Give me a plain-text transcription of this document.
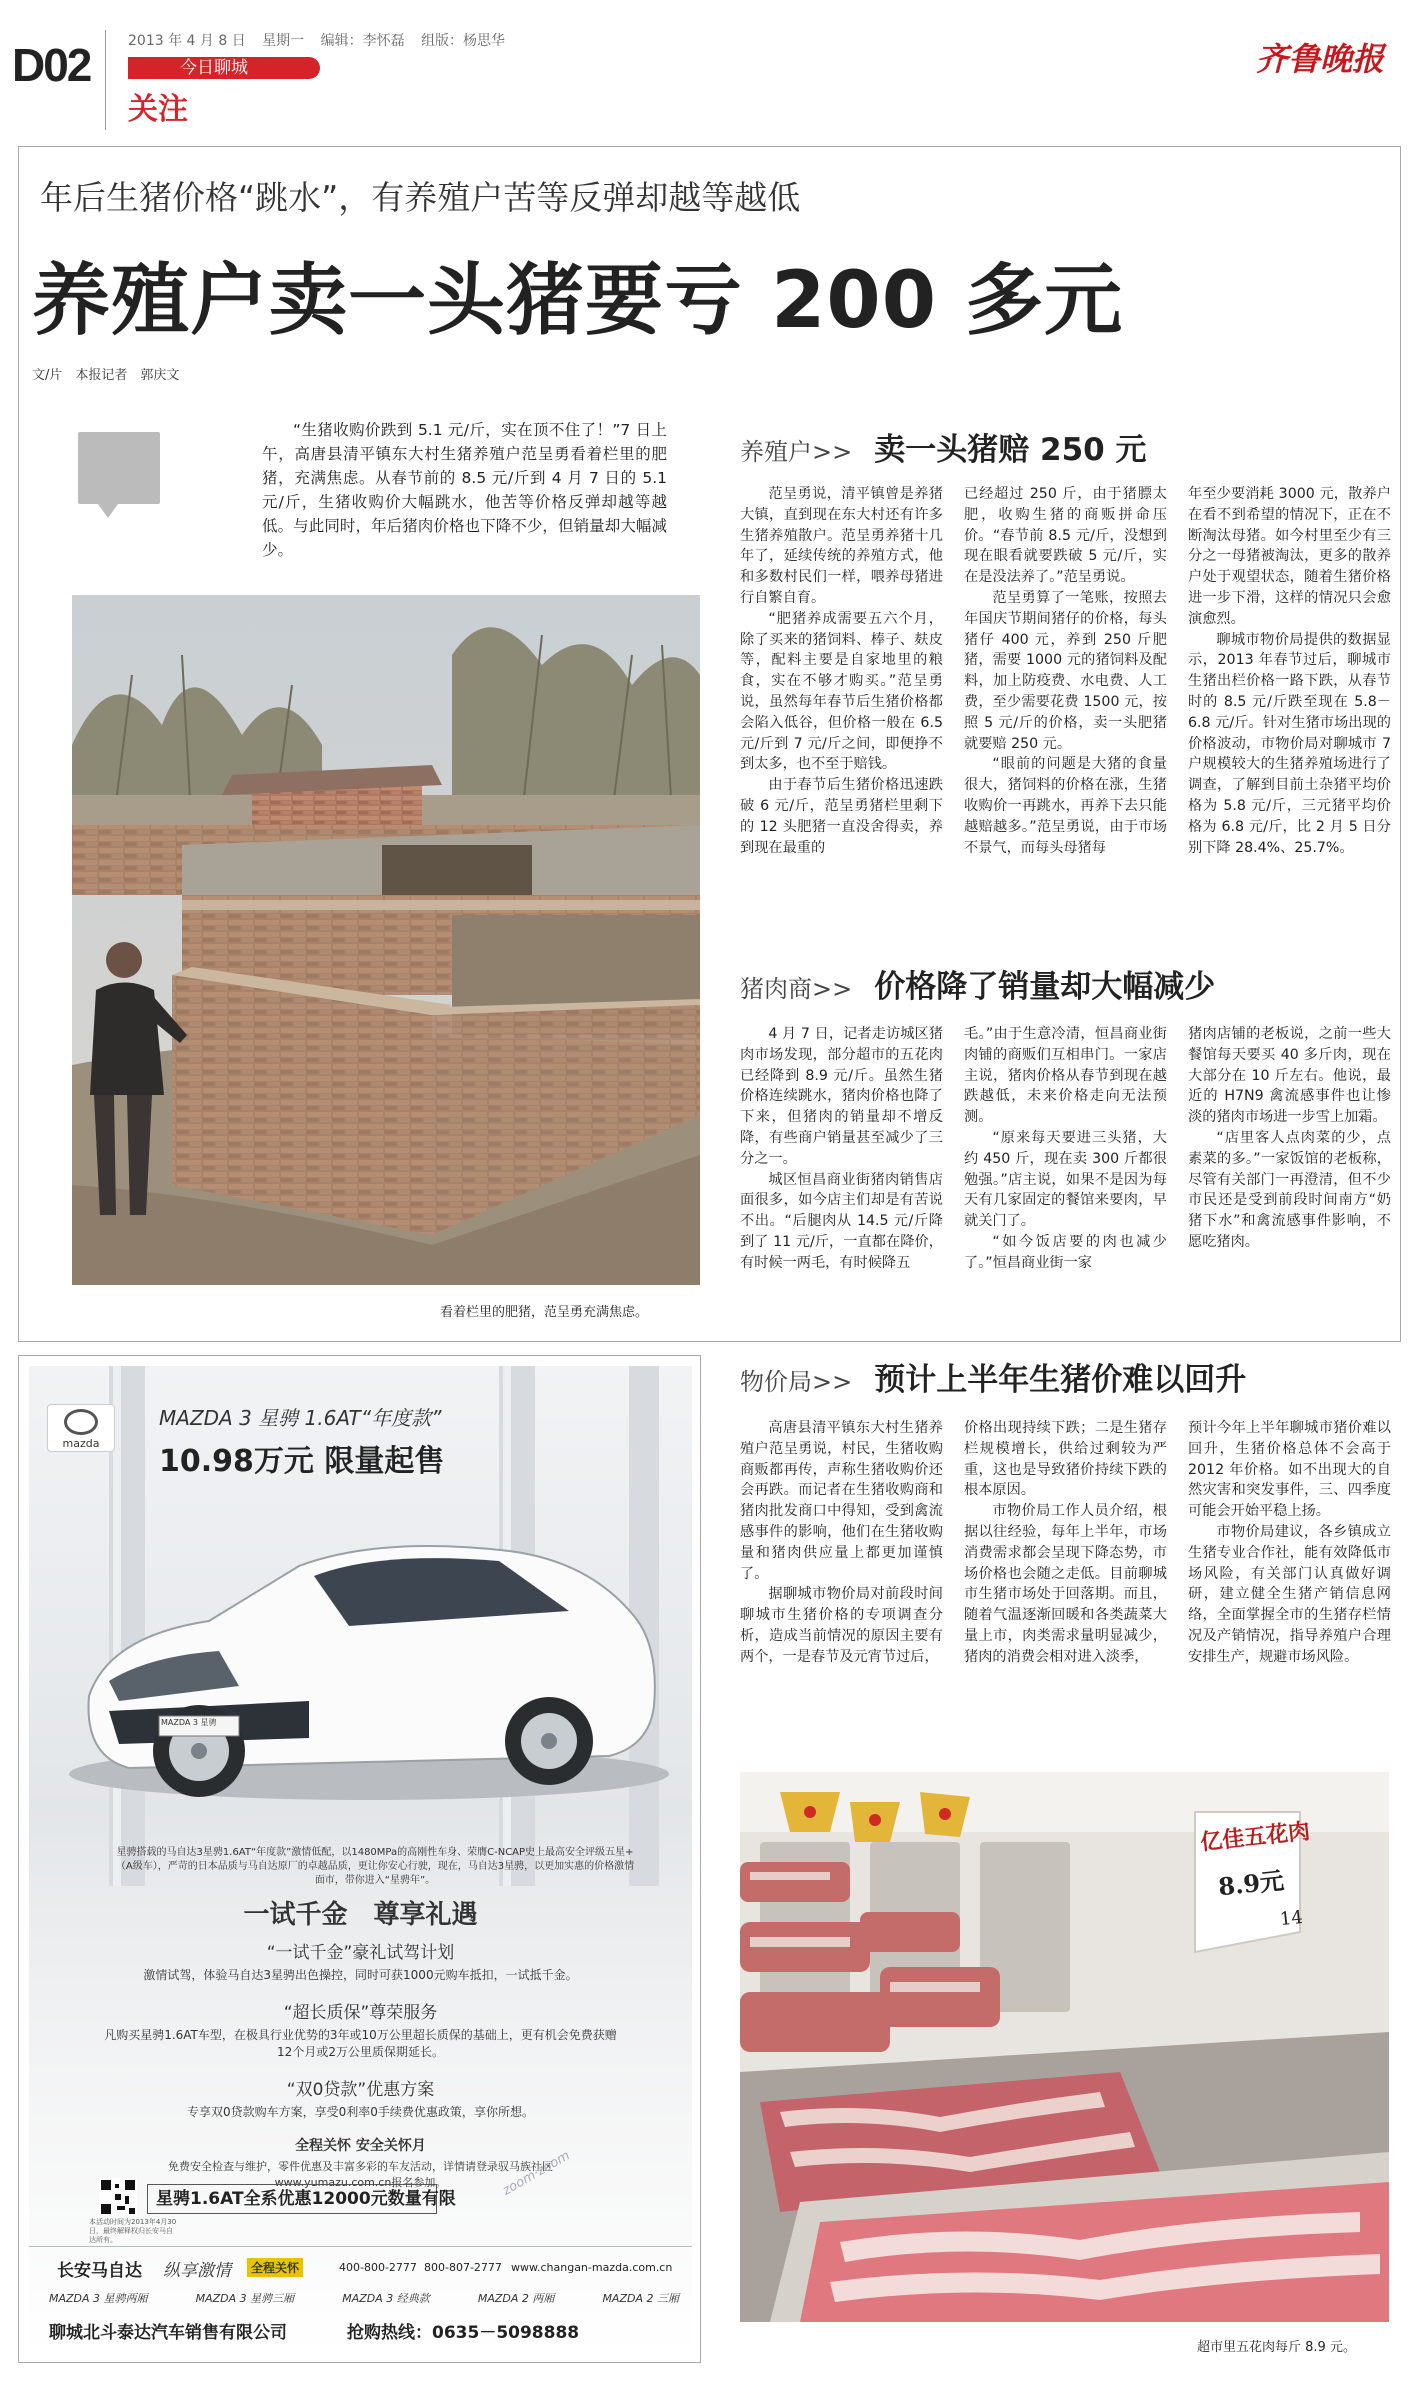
D02	2013 年 4 月 8 日 星期一 编辑：李怀磊 组版：杨思华
今日聊城
关注
齐鲁晚报
年后生猪价格“跳水”，有养殖户苦等反弹却越等越低
养殖户卖一头猪要亏 200 多元
文/片　本报记者　郭庆文
“生猪收购价跌到 5.1 元/斤，实在顶不住了！”7 日上午，高唐县清平镇东大村生猪养殖户范呈勇看着栏里的肥猪，充满焦虑。从春节前的 8.5 元/斤到 4 月 7 日的 5.1 元/斤，生猪收购价大幅跳水，他苦等价格反弹却越等越低。与此同时，年后猪肉价格也下降不少，但销量却大幅减少。
看着栏里的肥猪，范呈勇充满焦虑。
养殖户>> 卖一头猪赔 250 元

范呈勇说，清平镇曾是养猪大镇，直到现在东大村还有许多生猪养殖散户。范呈勇养猪十几年了，延续传统的养殖方式，他和多数村民们一样，喂养母猪进行自繁自育。

“肥猪养成需要五六个月，除了买来的猪饲料、棒子、麸皮等，配料主要是自家地里的粮食，实在不够才购买。”范呈勇说，虽然每年春节后生猪价格都会陷入低谷，但价格一般在 6.5 元/斤到 7 元/斤之间，即便挣不到太多，也不至于赔钱。

由于春节后生猪价格迅速跌破 6 元/斤，范呈勇猪栏里剩下的 12 头肥猪一直没舍得卖，养到现在最重的

已经超过 250 斤，由于猪膘太肥，收购生猪的商贩拼命压价。“春节前 8.5 元/斤，没想到现在眼看就要跌破 5 元/斤，实在是没法养了。”范呈勇说。

范呈勇算了一笔账，按照去年国庆节期间猪仔的价格，每头猪仔 400 元，养到 250 斤肥猪，需要 1000 元的猪饲料及配料，加上防疫费、水电费、人工费，至少需要花费 1500 元，按照 5 元/斤的价格，卖一头肥猪就要赔 250 元。

“眼前的问题是大猪的食量很大，猪饲料的价格在涨，生猪收购价一再跳水，再养下去只能越赔越多。”范呈勇说，由于市场不景气，而每头母猪每

年至少要消耗 3000 元，散养户在看不到希望的情况下，正在不断淘汰母猪。如今村里至少有三分之一母猪被淘汰，更多的散养户处于观望状态，随着生猪价格进一步下滑，这样的情况只会愈演愈烈。

聊城市物价局提供的数据显示，2013 年春节过后，聊城市生猪出栏价格一路下跌，从春节时的 8.5 元/斤跌至现在 5.8－6.8 元/斤。针对生猪市场出现的价格波动，市物价局对聊城市 7 户规模较大的生猪养殖场进行了调查，了解到目前土杂猪平均价格为 5.8 元/斤，三元猪平均价格为 6.8 元/斤，比 2 月 5 日分别下降 28.4%、25.7%。

猪肉商>> 价格降了销量却大幅减少

4 月 7 日，记者走访城区猪肉市场发现，部分超市的五花肉已经降到 8.9 元/斤。虽然生猪价格连续跳水，猪肉价格也降了下来，但猪肉的销量却不增反降，有些商户销量甚至减少了三分之一。

城区恒昌商业街猪肉销售店面很多，如今店主们却是有苦说不出。“后腿肉从 14.5 元/斤降到了 11 元/斤，一直都在降价，有时候一两毛，有时候降五

毛。”由于生意冷清，恒昌商业街肉铺的商贩们互相串门。一家店主说，猪肉价格从春节到现在越跌越低，未来价格走向无法预测。

“原来每天要进三头猪，大约 450 斤，现在卖 300 斤都很勉强。”店主说，如果不是因为每天有几家固定的餐馆来要肉，早就关门了。

“如今饭店要的肉也减少了。”恒昌商业街一家

猪肉店铺的老板说，之前一些大餐馆每天要买 40 多斤肉，现在大部分在 10 斤左右。他说，最近的 H7N9 禽流感事件也让惨淡的猪肉市场进一步雪上加霜。

“店里客人点肉菜的少，点素菜的多。”一家饭馆的老板称，尽管有关部门一再澄清，但不少市民还是受到前段时间南方“奶猪下水”和禽流感事件影响，不愿吃猪肉。

物价局>> 预计上半年生猪价难以回升

高唐县清平镇东大村生猪养殖户范呈勇说，村民，生猪收购商贩都再传，声称生猪收购价还会再跌。而记者在生猪收购商和猪肉批发商口中得知，受到禽流感事件的影响，他们在生猪收购量和猪肉供应量上都更加谨慎了。

据聊城市物价局对前段时间聊城市生猪价格的专项调查分析，造成当前情况的原因主要有两个，一是春节及元宵节过后，

价格出现持续下跌；二是生猪存栏规模增长，供给过剩较为严重，这也是导致猪价持续下跌的根本原因。

市物价局工作人员介绍，根据以往经验，每年上半年，市场消费需求都会呈现下降态势，市场价格也会随之走低。目前聊城市生猪市场处于回落期。而且，随着气温逐渐回暖和各类蔬菜大量上市，肉类需求量明显减少，猪肉的消费会相对进入淡季，

预计今年上半年聊城市猪价难以回升，生猪价格总体不会高于 2012 年价格。如不出现大的自然灾害和突发事件，三、四季度可能会开始平稳上扬。

市物价局建议，各乡镇成立生猪专业合作社，能有效降低市场风险，有关部门认真做好调研，建立健全生猪产销信息网络，全面掌握全市的生猪存栏情况及产销情况，指导养殖户合理安排生产，规避市场风险。

亿佳五花肉
8.9元
14
超市里五花肉每斤 8.9 元。
mazda
MAZDA 3 星骋 1.6AT“年度款”
10.98万元 限量起售
MAZDA 3 星骋
星骋搭载的马自达3星骋1.6AT“年度款”激情低配，以1480MPa的高刚性车身、荣膺C-NCAP史上最高安全评级五星+（A级车），严苛的日本品质与马自达原厂的卓越品质，更让你安心行驶，现在，马自达3星骋，以更加实惠的价格激情面市，带你进入“星骋年”。
一试千金　尊享礼遇
“一试千金”豪礼试驾计划
激情试驾，体验马自达3星骋出色操控，同时可获1000元购车抵扣，一试抵千金。
“超长质保”尊荣服务
凡购买星骋1.6AT车型，在极具行业优势的3年或10万公里超长质保的基础上，更有机会免费获赠12个月或2万公里质保期延长。
“双0贷款”优惠方案
专享双0贷款购车方案，享受0利率0手续费优惠政策，享你所想。
全程关怀 安全关怀月
免费安全检查与维护，零件优惠及丰富多彩的车友活动，详情请登录驭马族社区
www.yumazu.com.cn报名参加。
本活动时间为2013年4月30日，最终解释权归长安马自达所有。
星骋1.6AT全系优惠12000元数量有限
zoom·zoom
长安马自达 纵享激情	全程关怀	400-800-2777 800-807-2777 www.changan-mazda.com.cn
MAZDA 3 星骋两厢	MAZDA 3 星骋三厢	MAZDA 3 经典款	MAZDA 2 两厢	MAZDA 2 三厢
聊城北斗泰达汽车销售有限公司	抢购热线：0635－5098888
